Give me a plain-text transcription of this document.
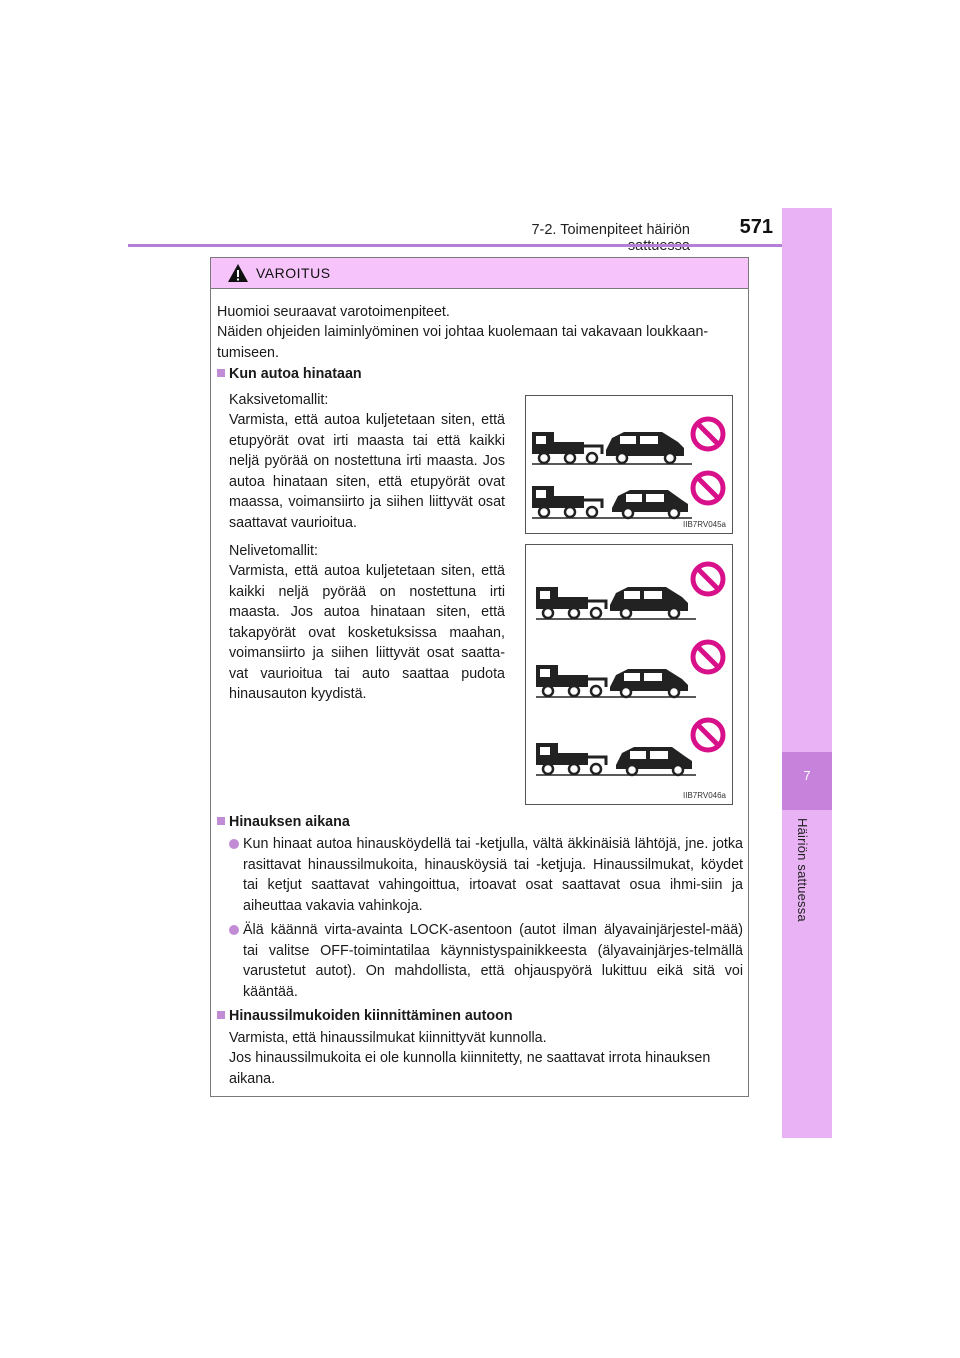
7-2. Toimenpiteet häiriön	571
7
Häiriön sattuessa
VAROITUS
Huomioi seuraavat varotoimenpiteet.
Näiden ohjeiden laiminlyöminen voi johtaa kuolemaan tai vakavaan loukkaan-tumiseen.
Kun autoa hinataan
Kaksivetomallit:
Varmista, että autoa kuljetetaan siten, että etupyörät ovat irti maasta tai että kaikki neljä pyörää on nostettuna irti maasta. Jos autoa hinataan siten, että etupyörät ovat maassa, voimansiirto ja siihen liittyvät osat saattavat vaurioitua.	IIB7RV045a
Nelivetomallit:
Varmista, että autoa kuljetetaan siten, että kaikki neljä pyörää on nostettuna irti maasta. Jos autoa hinataan siten, että takapyörät ovat kosketuksissa maahan, voimansiirto ja siihen liittyvät osat saatta-vat vaurioitua tai auto saattaa pudota hinausauton kyydistä.
IIB7RV046a
Hinauksen aikana
Kun hinaat autoa hinausköydellä tai -ketjulla, vältä äkkinäisiä lähtöjä, jne. jotka rasittavat hinaussilmukoita, hinausköysiä tai -ketjuja. Hinaussilmukat, köydet tai ketjut saattavat vahingoittua, irtoavat osat saattavat osua ihmi-siin ja aiheuttaa vakavia vahinkoja.
Älä käännä virta-avainta LOCK-asentoon (autot ilman älyavainjärjestel-mää) tai valitse OFF-toimintatilaa käynnistyspainikkeesta (älyavainjärjes-telmällä varustetut autot). On mahdollista, että ohjauspyörä lukittuu eikä sitä voi kääntää.
Hinaussilmukoiden kiinnittäminen autoon
Varmista, että hinaussilmukat kiinnittyvät kunnolla.
Jos hinaussilmukoita ei ole kunnolla kiinnitetty, ne saattavat irrota hinauksen aikana.
